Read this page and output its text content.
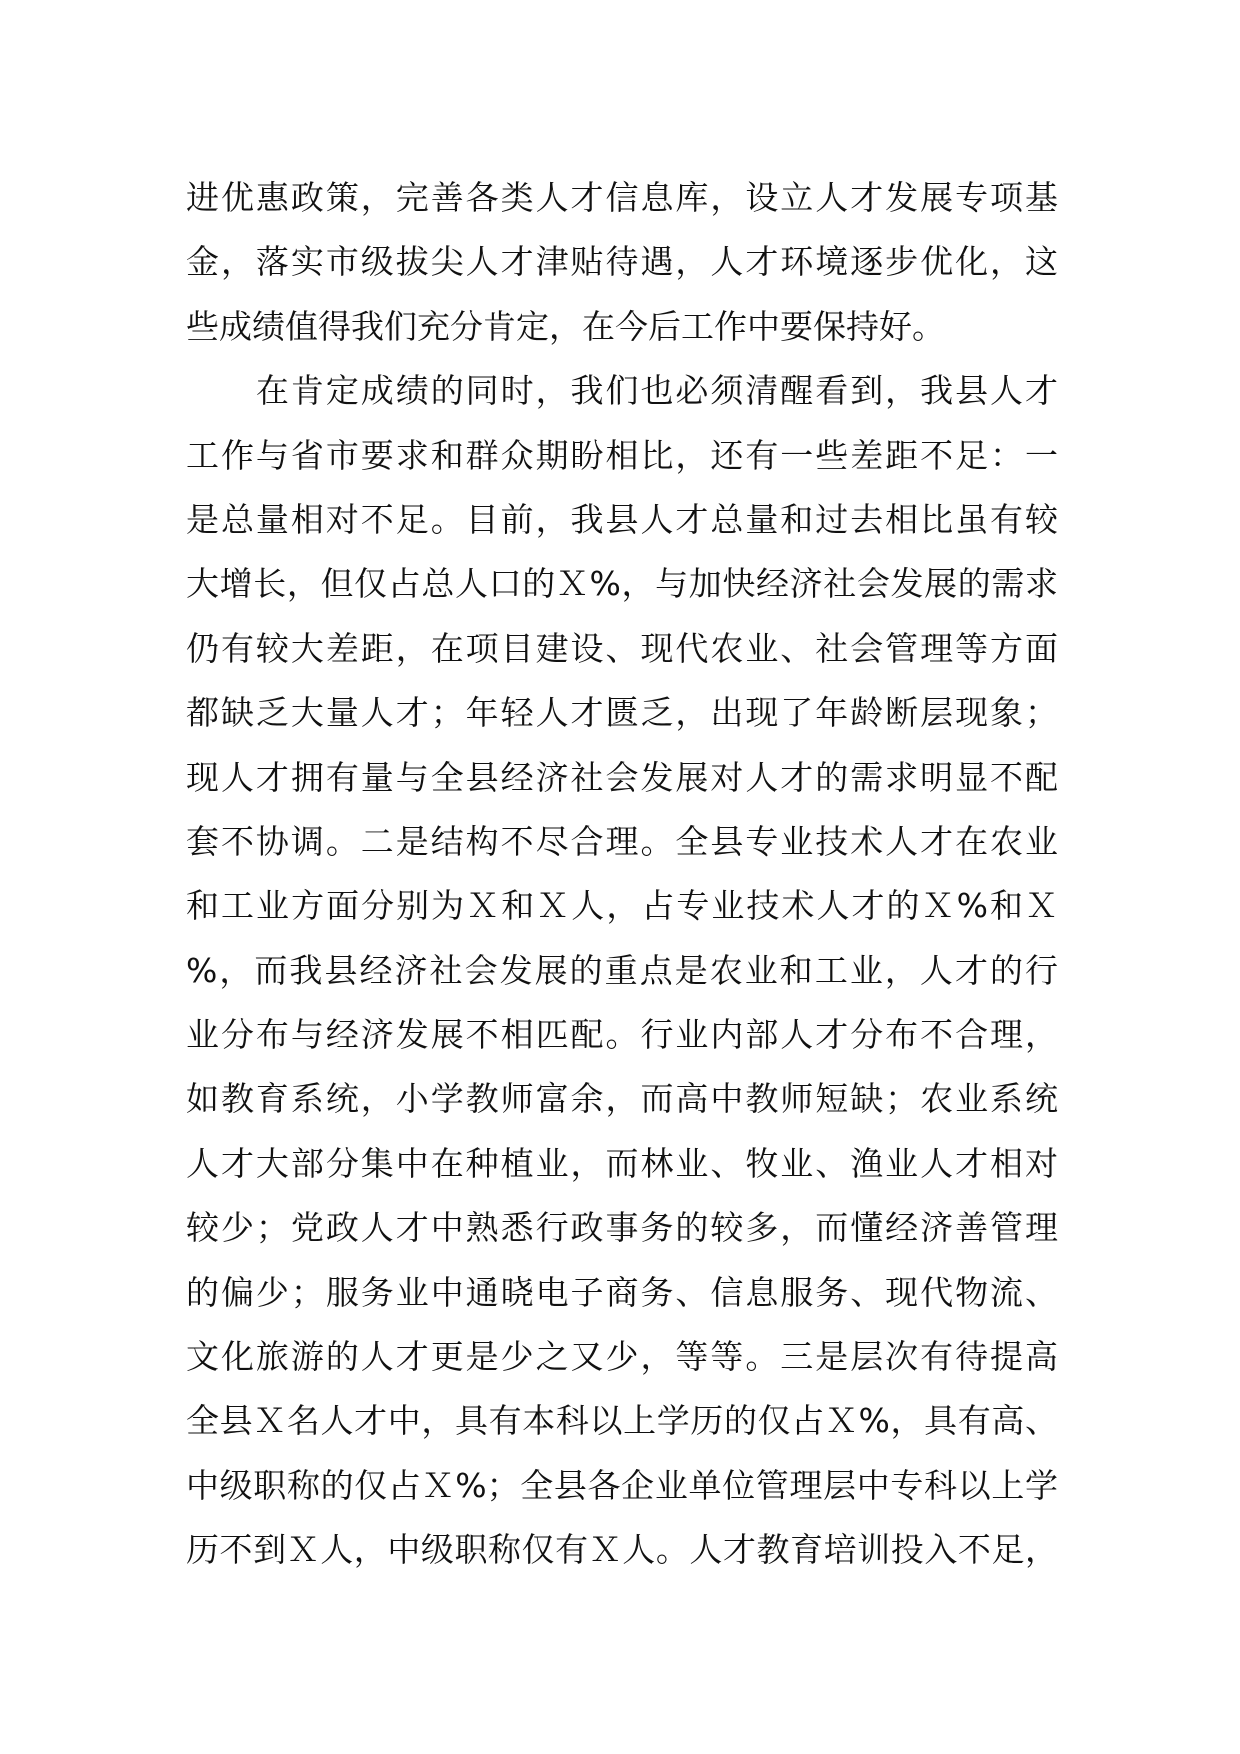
进优惠政策，完善各类人才信息库，设立人才发展专项基
金，落实市级拔尖人才津贴待遇，人才环境逐步优化，这
些成绩值得我们充分肯定，在今后工作中要保持好。
　　在肯定成绩的同时，我们也必须清醒看到，我县人才
工作与省市要求和群众期盼相比，还有一些差距不足：一
是总量相对不足。目前，我县人才总量和过去相比虽有较
大增长，但仅占总人口的Ｘ%，与加快经济社会发展的需求
仍有较大差距，在项目建设、现代农业、社会管理等方面
都缺乏大量人才；年轻人才匮乏，出现了年龄断层现象；
现人才拥有量与全县经济社会发展对人才的需求明显不配
套不协调。二是结构不尽合理。全县专业技术人才在农业
和工业方面分别为Ｘ和Ｘ人，占专业技术人才的Ｘ%和Ｘ
%，而我县经济社会发展的重点是农业和工业，人才的行
业分布与经济发展不相匹配。行业内部人才分布不合理，
如教育系统，小学教师富余，而高中教师短缺；农业系统
人才大部分集中在种植业，而林业、牧业、渔业人才相对
较少；党政人才中熟悉行政事务的较多，而懂经济善管理
的偏少；服务业中通晓电子商务、信息服务、现代物流、
文化旅游的人才更是少之又少，等等。三是层次有待提高
全县Ｘ名人才中，具有本科以上学历的仅占Ｘ%，具有高、
中级职称的仅占Ｘ%；全县各企业单位管理层中专科以上学
历不到Ｘ人，中级职称仅有Ｘ人。人才教育培训投入不足，
